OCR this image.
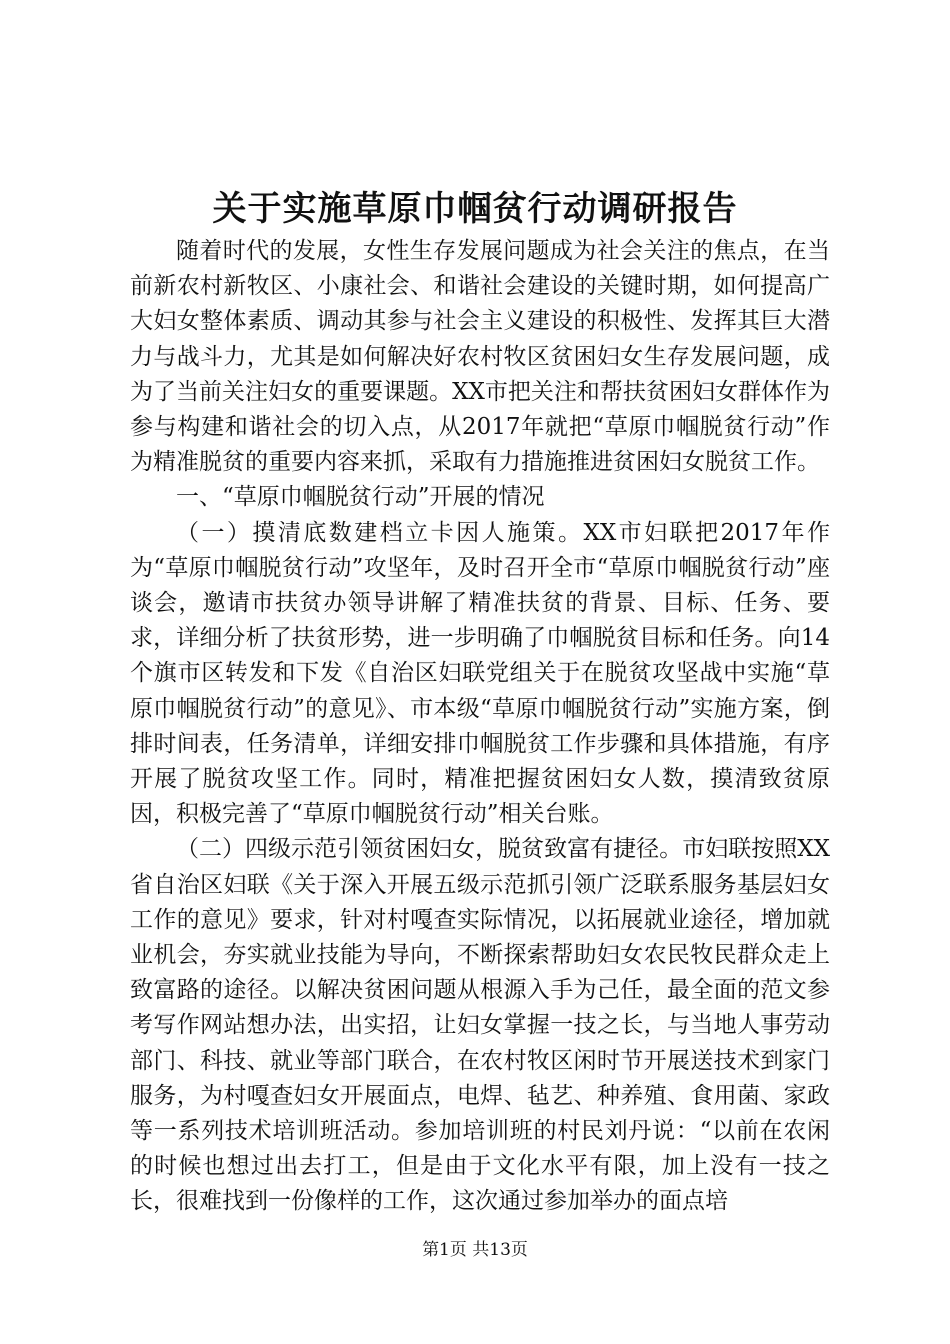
关于实施草原巾帼贫行动调研报告

随着时代的发展，女性生存发展问题成为社会关注的焦点，在当前新农村新牧区、小康社会、和谐社会建设的关键时期，如何提高广大妇女整体素质、调动其参与社会主义建设的积极性、发挥其巨大潜力与战斗力，尤其是如何解决好农村牧区贫困妇女生存发展问题，成为了当前关注妇女的重要课题。XX市把关注和帮扶贫困妇女群体作为参与构建和谐社会的切入点，从2017年就把“草原巾帼脱贫行动”作为精准脱贫的重要内容来抓，采取有力措施推进贫困妇女脱贫工作。

一、“草原巾帼脱贫行动”开展的情况

（一）摸清底数建档立卡因人施策。XX市妇联把2017年作为“草原巾帼脱贫行动”攻坚年，及时召开全市“草原巾帼脱贫行动”座谈会，邀请市扶贫办领导讲解了精准扶贫的背景、目标、任务、要求，详细分析了扶贫形势，进一步明确了巾帼脱贫目标和任务。向14个旗市区转发和下发《自治区妇联党组关于在脱贫攻坚战中实施“草原巾帼脱贫行动”的意见》、市本级“草原巾帼脱贫行动”实施方案，倒排时间表，任务清单，详细安排巾帼脱贫工作步骤和具体措施，有序开展了脱贫攻坚工作。同时，精准把握贫困妇女人数，摸清致贫原因，积极完善了“草原巾帼脱贫行动”相关台账。

（二）四级示范引领贫困妇女，脱贫致富有捷径。市妇联按照XX省自治区妇联《关于深入开展五级示范抓引领广泛联系服务基层妇女工作的意见》要求，针对村嘎查实际情况，以拓展就业途径，增加就业机会，夯实就业技能为导向，不断探索帮助妇女农民牧民群众走上致富路的途径。以解决贫困问题从根源入手为己任，最全面的范文参考写作网站想办法，出实招，让妇女掌握一技之长，与当地人事劳动部门、科技、就业等部门联合，在农村牧区闲时节开展送技术到家门服务，为村嘎查妇女开展面点，电焊、毡艺、种养殖、食用菌、家政等一系列技术培训班活动。参加培训班的村民刘丹说：“以前在农闲的时候也想过出去打工，但是由于文化水平有限，加上没有一技之长，很难找到一份像样的工作，这次通过参加举办的面点培

第1页 共13页
